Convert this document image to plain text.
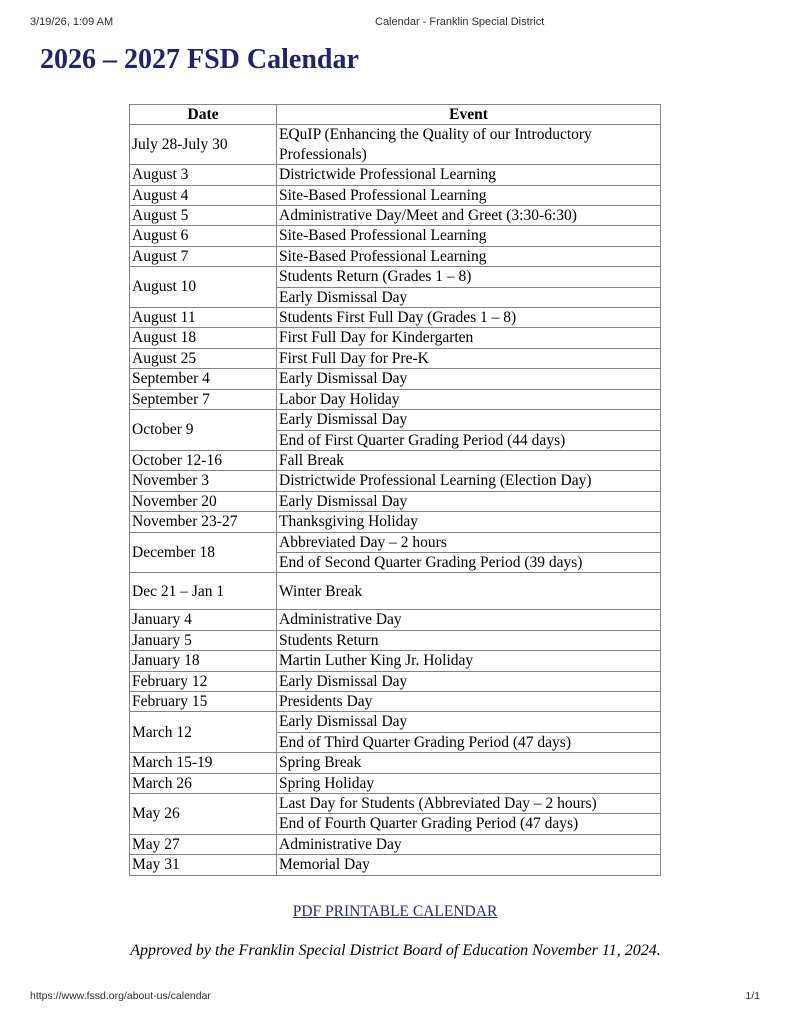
3/19/26, 1:09 AM	Calendar - Franklin Special District
2026 – 2027 FSD Calendar
Date	Event
July 28-July 30	EQuIP (Enhancing the Quality of our Introductory Professionals)
August 3	Districtwide Professional Learning
August 4	Site-Based Professional Learning
August 5	Administrative Day/Meet and Greet (3:30-6:30)
August 6	Site-Based Professional Learning
August 7	Site-Based Professional Learning
August 10	Students Return (Grades 1 – 8)
	Early Dismissal Day
August 11	Students First Full Day (Grades 1 – 8)
August 18	First Full Day for Kindergarten
August 25	First Full Day for Pre-K
September 4	Early Dismissal Day
September 7	Labor Day Holiday
October 9	Early Dismissal Day
	End of First Quarter Grading Period (44 days)
October 12-16	Fall Break
November 3	Districtwide Professional Learning (Election Day)
November 20	Early Dismissal Day
November 23-27	Thanksgiving Holiday
December 18	Abbreviated Day – 2 hours
	End of Second Quarter Grading Period (39 days)
Dec 21 – Jan 1	Winter Break
January 4	Administrative Day
January 5	Students Return
January 18	Martin Luther King Jr. Holiday
February 12	Early Dismissal Day
February 15	Presidents Day
March 12	Early Dismissal Day
	End of Third Quarter Grading Period (47 days)
March 15-19	Spring Break
March 26	Spring Holiday
May 26	Last Day for Students (Abbreviated Day – 2 hours)
	End of Fourth Quarter Grading Period (47 days)
May 27	Administrative Day
May 31	Memorial Day
PDF PRINTABLE CALENDAR

Approved by the Franklin Special District Board of Education November 11, 2024.

https://www.fssd.org/about-us/calendar	1/1
